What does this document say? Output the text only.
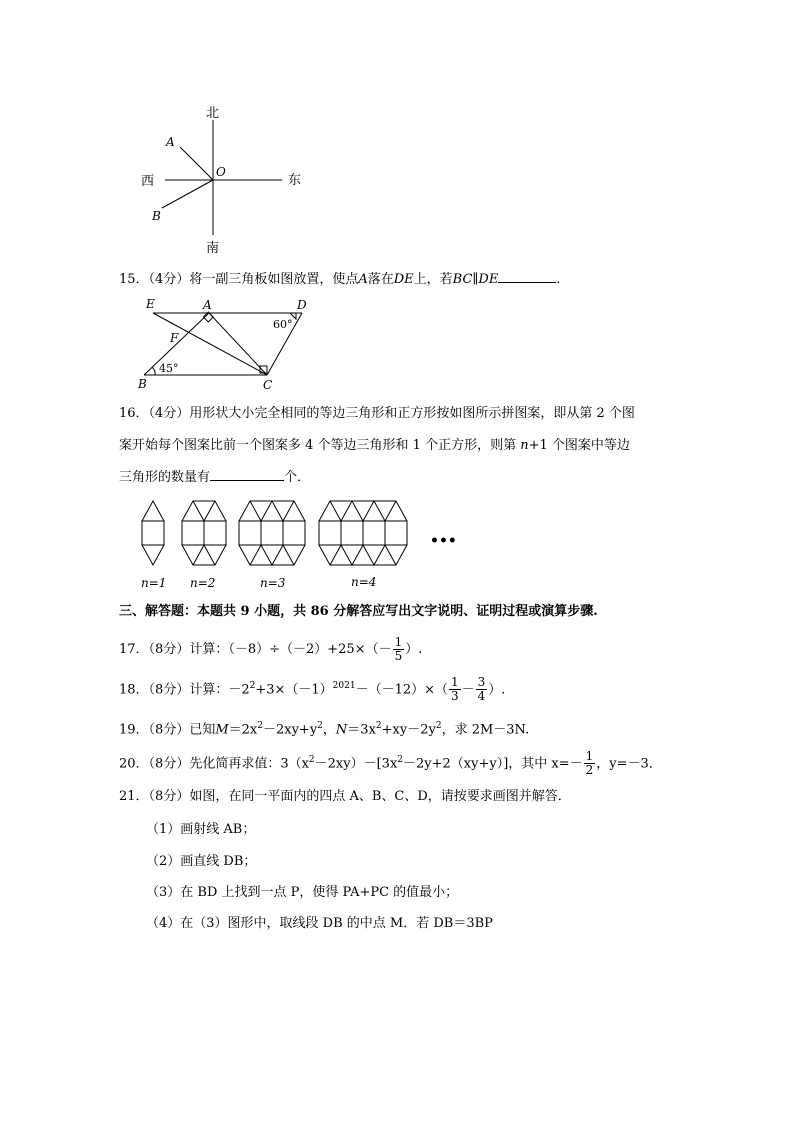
北
南
东
西
A
B
O
15．（4分）将一副三角板如图放置，使点A落在DE上，若BC∥DE	．
E	A	D
F
B	C
60°
45°
16．（4分）用形状大小完全相同的等边三角形和正方形按如图所示拼图案，即从第 2 个图
案开始每个图案比前一个图案多 4 个等边三角形和 1 个正方形，则第 n+1 个图案中等边
三角形的数量有	个．
•••
n=1 n=2	n=3	n=4
三、解答题：本题共 9 小题，共 86 分解答应写出文字说明、证明过程或演算步骤.
17．（8分）计算：$(-8)\div(-2)+25\times(- \frac{1}{5}$ ）.
18．（8分）计算：$-2^2+3\times(-1)^{2021}-(-12)\times( \frac{1}{3} - \frac{3}{4}$ ）.
19．（8分）已知$M=2x^2-2xy+y^2$，$N=3x^2+xy-2y^2$，求 2M－3N.
20．（8分）先化简再求值：$3(x^2-2xy)-[3x^2-2y+2(xy+y)]$，其中 $x=- \frac{1}{2}$ ，y=－3．
21．（8分）如图，在同一平面内的四点 A、B、C、D，请按要求画图并解答．
（1）画射线 AB；
（2）画直线 DB；
（3）在 BD 上找到一点 P，使得 PA+PC 的值最小；
（4）在（3）图形中，取线段 DB 的中点 M．若 DB＝3BP
